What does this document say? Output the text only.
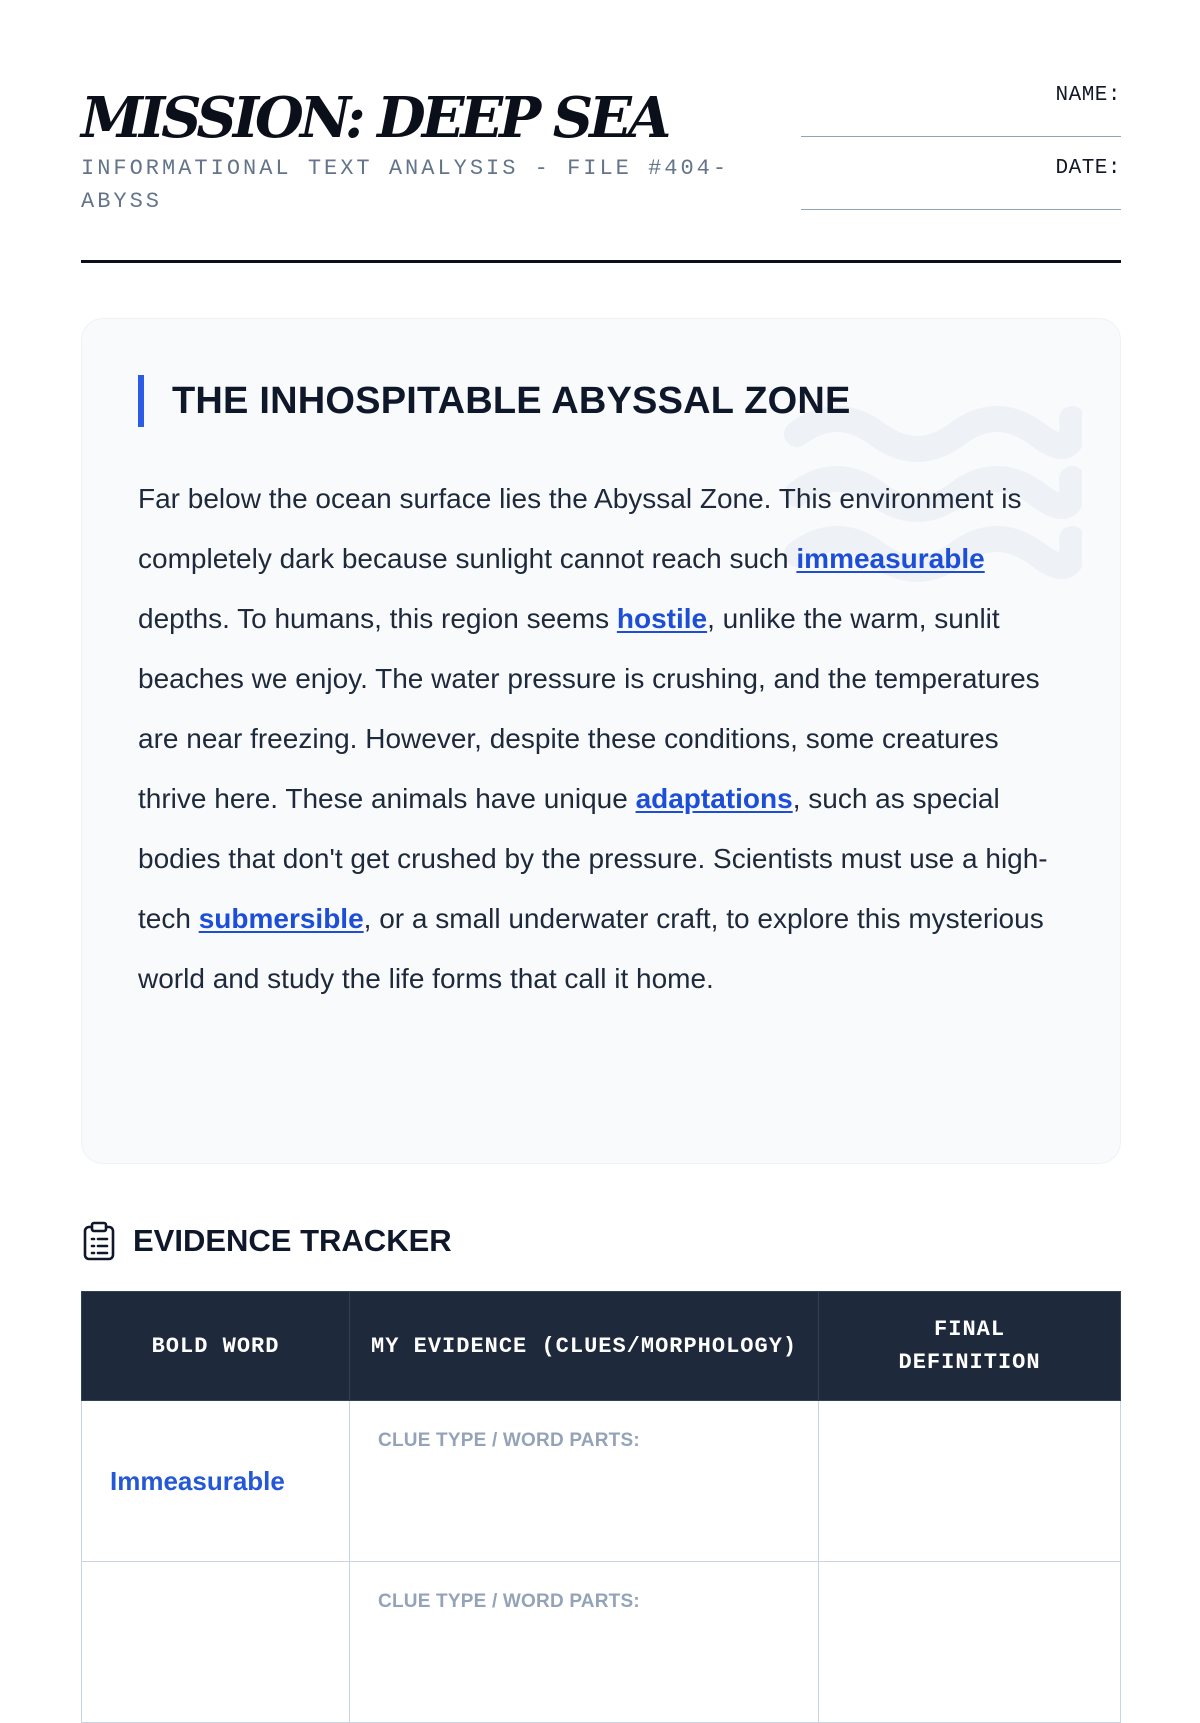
MISSION: DEEP SEA

INFORMATIONAL TEXT ANALYSIS - FILE #404-ABYSS

NAME:
DATE:
THE INHOSPITABLE ABYSSAL ZONE

Far below the ocean surface lies the Abyssal Zone. This environment is completely dark because sunlight cannot reach such immeasurable depths. To humans, this region seems hostile, unlike the warm, sunlit beaches we enjoy. The water pressure is crushing, and the temperatures are near freezing. However, despite these conditions, some creatures thrive here. These animals have unique adaptations, such as special bodies that don't get crushed by the pressure. Scientists must use a high-tech submersible, or a small underwater craft, to explore this mysterious world and study the life forms that call it home.

EVIDENCE TRACKER
BOLD WORD	MY EVIDENCE (CLUES/MORPHOLOGY)	FINAL DEFINITION
Immeasurable	CLUE TYPE / WORD PARTS:	

	CLUE TYPE / WORD PARTS:	
